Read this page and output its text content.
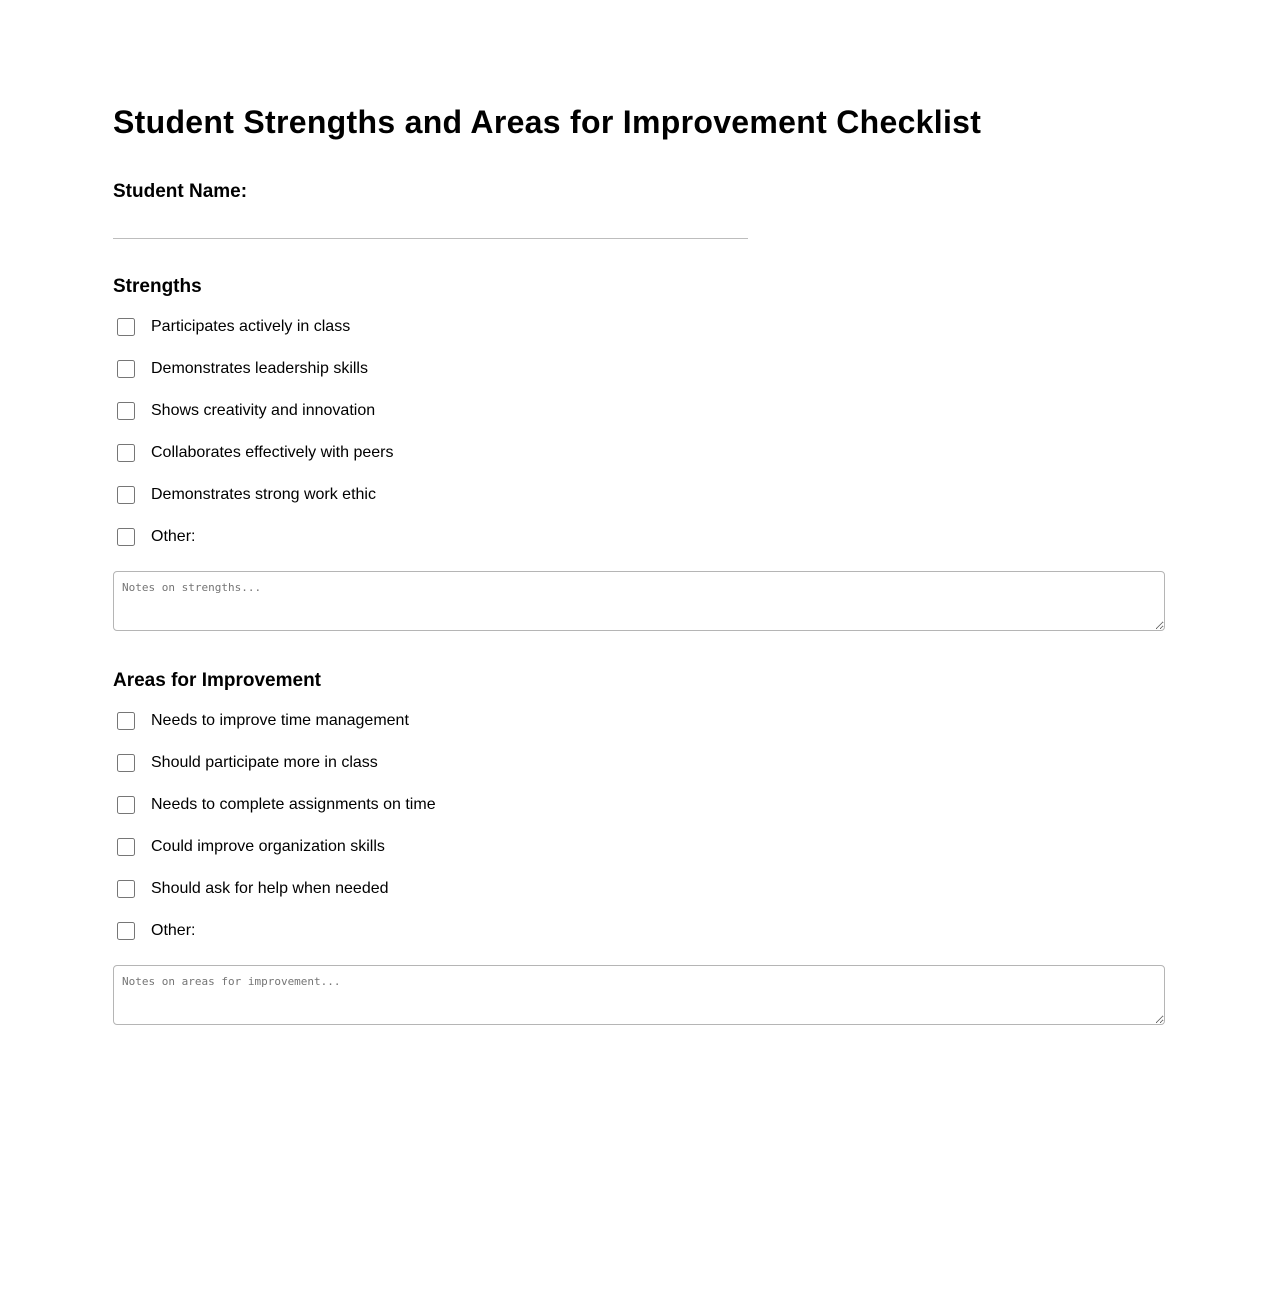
Student Strengths and Areas for Improvement Checklist
Student Name:
Strengths
Participates actively in class
Demonstrates leadership skills
Shows creativity and innovation
Collaborates effectively with peers
Demonstrates strong work ethic
Other:
Notes on strengths...
Areas for Improvement
Needs to improve time management
Should participate more in class
Needs to complete assignments on time
Could improve organization skills
Should ask for help when needed
Other:
Notes on areas for improvement...
